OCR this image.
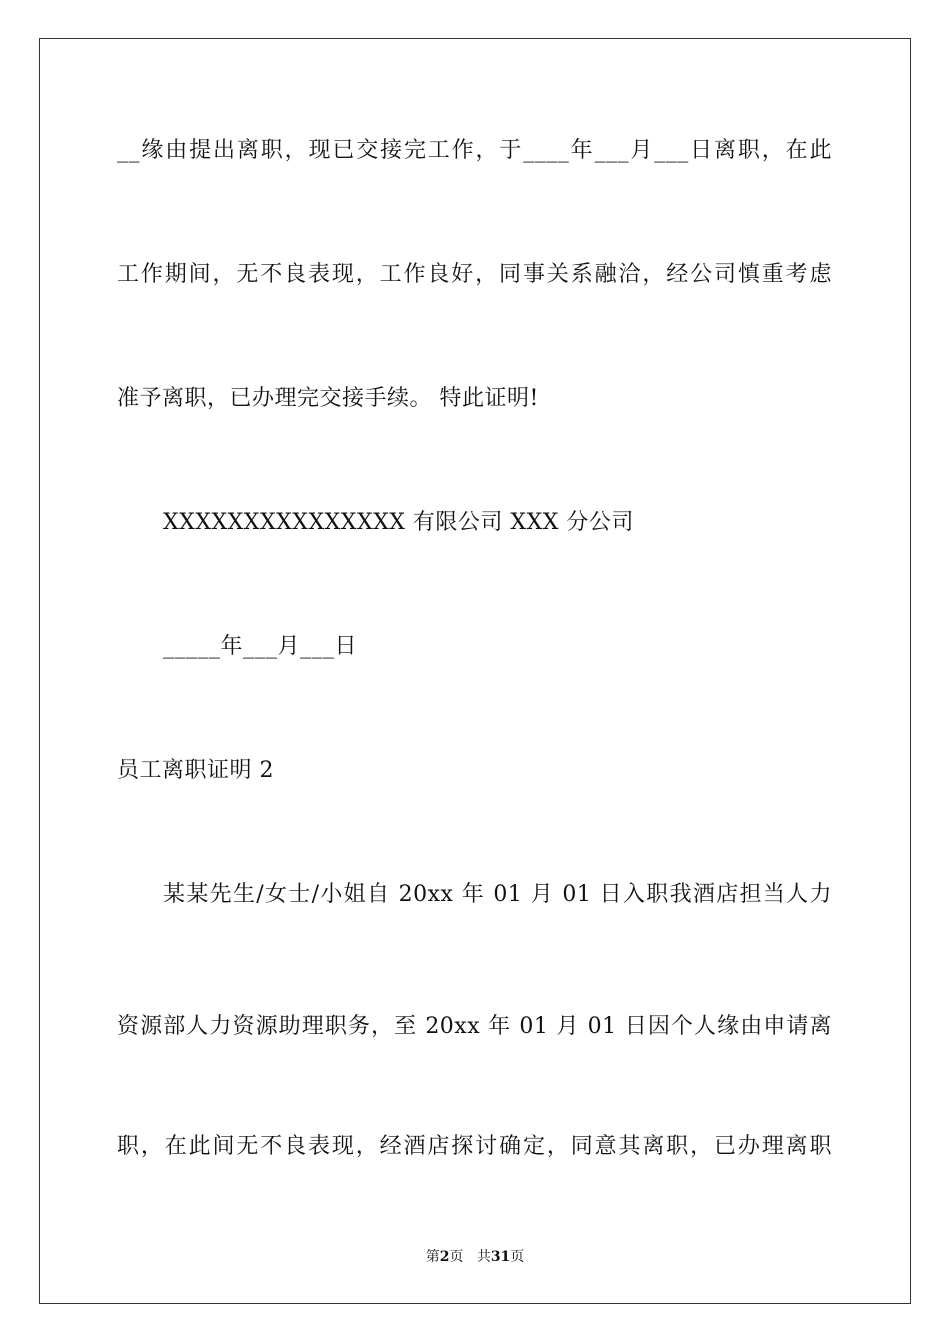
__缘由提出离职，现已交接完工作，于____年___月___日离职，在此
工作期间，无不良表现，工作良好，同事关系融洽，经公司慎重考虑
准予离职，已办理完交接手续。 特此证明!
XXXXXXXXXXXXXXX 有限公司 XXX 分公司
_____年___月___日
员工离职证明 2
某某先生/女士/小姐自 20xx 年 01 月 01 日入职我酒店担当人力
资源部人力资源助理职务，至 20xx 年 01 月 01 日因个人缘由申请离
职，在此间无不良表现，经酒店探讨确定，同意其离职，已办理离职
第2页 共31页
